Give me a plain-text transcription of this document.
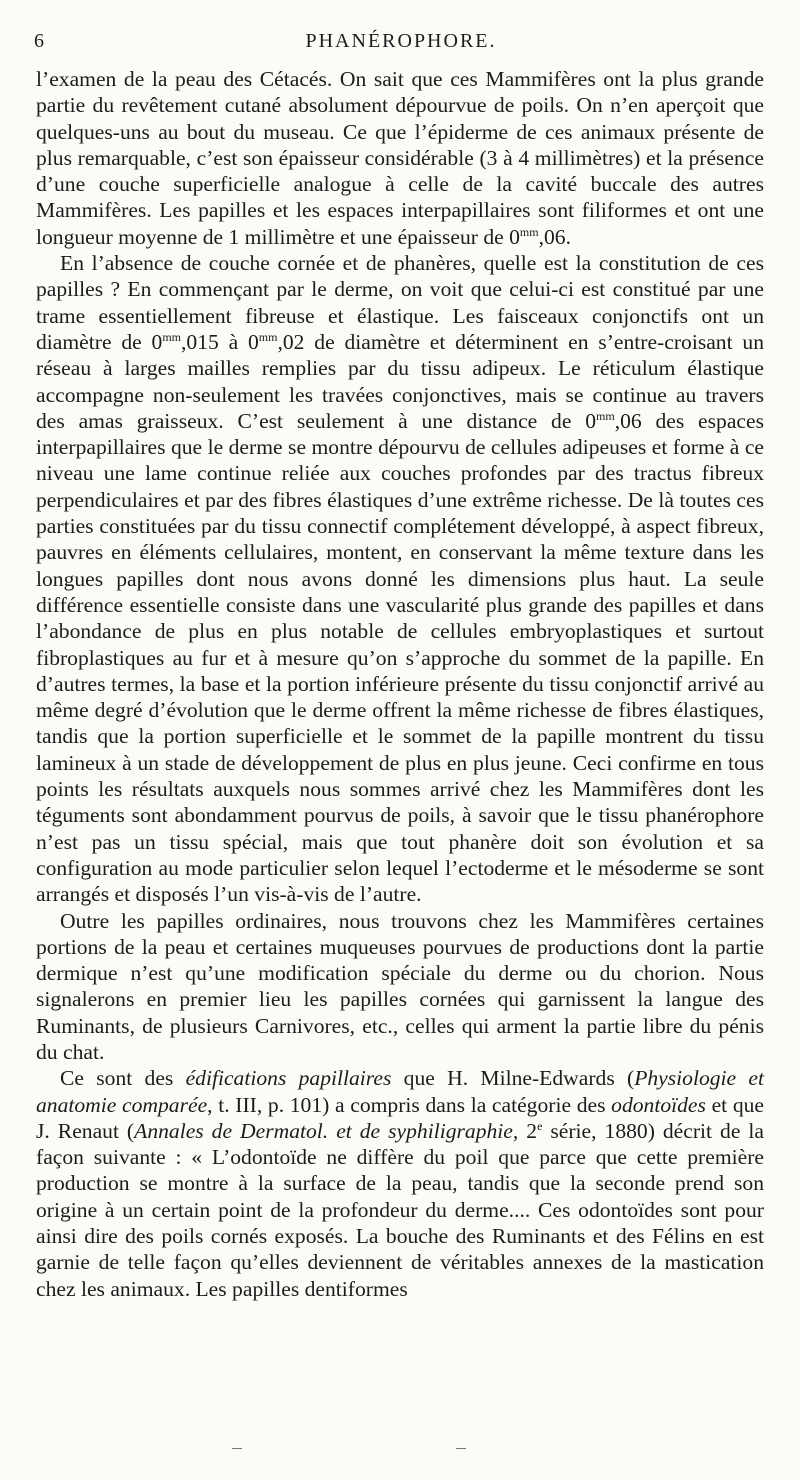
6	PHANÉROPHORE.

l’examen de la peau des Cétacés. On sait que ces Mammifères ont la plus grande partie du revêtement cutané absolument dépourvue de poils. On n’en aperçoit que quelques-uns au bout du museau. Ce que l’épiderme de ces animaux présente de plus remarquable, c’est son épaisseur considérable (3 à 4 millimètres) et la présence d’une couche superficielle analogue à celle de la cavité buccale des autres Mammifères. Les papilles et les espaces interpapillaires sont filiformes et ont une longueur moyenne de 1 millimètre et une épaisseur de $0^{mm},06$.

En l’absence de couche cornée et de phanères, quelle est la constitution de ces papilles ? En commençant par le derme, on voit que celui-ci est constitué par une trame essentiellement fibreuse et élastique. Les faisceaux conjonctifs ont un diamètre de $0^{mm},015$ à $0^{mm},02$ de diamètre et déterminent en s’entre-croisant un réseau à larges mailles remplies par du tissu adipeux. Le réticulum élastique accompagne non-seulement les travées conjonctives, mais se continue au travers des amas graisseux. C’est seulement à une distance de $0^{mm},06$ des espaces interpapillaires que le derme se montre dépourvu de cellules adipeuses et forme à ce niveau une lame continue reliée aux couches profondes par des tractus fibreux perpendiculaires et par des fibres élastiques d’une extrême richesse. De là toutes ces parties constituées par du tissu connectif complétement développé, à aspect fibreux, pauvres en éléments cellulaires, montent, en conservant la même texture dans les longues papilles dont nous avons donné les dimensions plus haut. La seule différence essentielle consiste dans une vascularité plus grande des papilles et dans l’abondance de plus en plus notable de cellules embryoplastiques et surtout fibroplastiques au fur et à mesure qu’on s’approche du sommet de la papille. En d’autres termes, la base et la portion inférieure présente du tissu conjonctif arrivé au même degré d’évolution que le derme offrent la même richesse de fibres élastiques, tandis que la portion superficielle et le sommet de la papille montrent du tissu lamineux à un stade de développement de plus en plus jeune. Ceci confirme en tous points les résultats auxquels nous sommes arrivé chez les Mammifères dont les téguments sont abondamment pourvus de poils, à savoir que le tissu phanérophore n’est pas un tissu spécial, mais que tout phanère doit son évolution et sa configuration au mode particulier selon lequel l’ectoderme et le mésoderme se sont arrangés et disposés l’un vis-à-vis de l’autre.

Outre les papilles ordinaires, nous trouvons chez les Mammifères certaines portions de la peau et certaines muqueuses pourvues de productions dont la partie dermique n’est qu’une modification spéciale du derme ou du chorion. Nous signalerons en premier lieu les papilles cornées qui garnissent la langue des Ruminants, de plusieurs Carnivores, etc., celles qui arment la partie libre du pénis du chat.

Ce sont des édifications papillaires que H. Milne-Edwards (Physiologie et anatomie comparée, t. III, p. 101) a compris dans la catégorie des odontoïdes et que J. Renaut (Annales de Dermatol. et de syphiligraphie, 2e série, 1880) décrit de la façon suivante : « L’odontoïde ne diffère du poil que parce que cette première production se montre à la surface de la peau, tandis que la seconde prend son origine à un certain point de la profondeur du derme.... Ces odontoïdes sont pour ainsi dire des poils cornés exposés. La bouche des Ruminants et des Félins en est garnie de telle façon qu’elles deviennent de véritables annexes de la mastication chez les animaux. Les papilles dentiformes
